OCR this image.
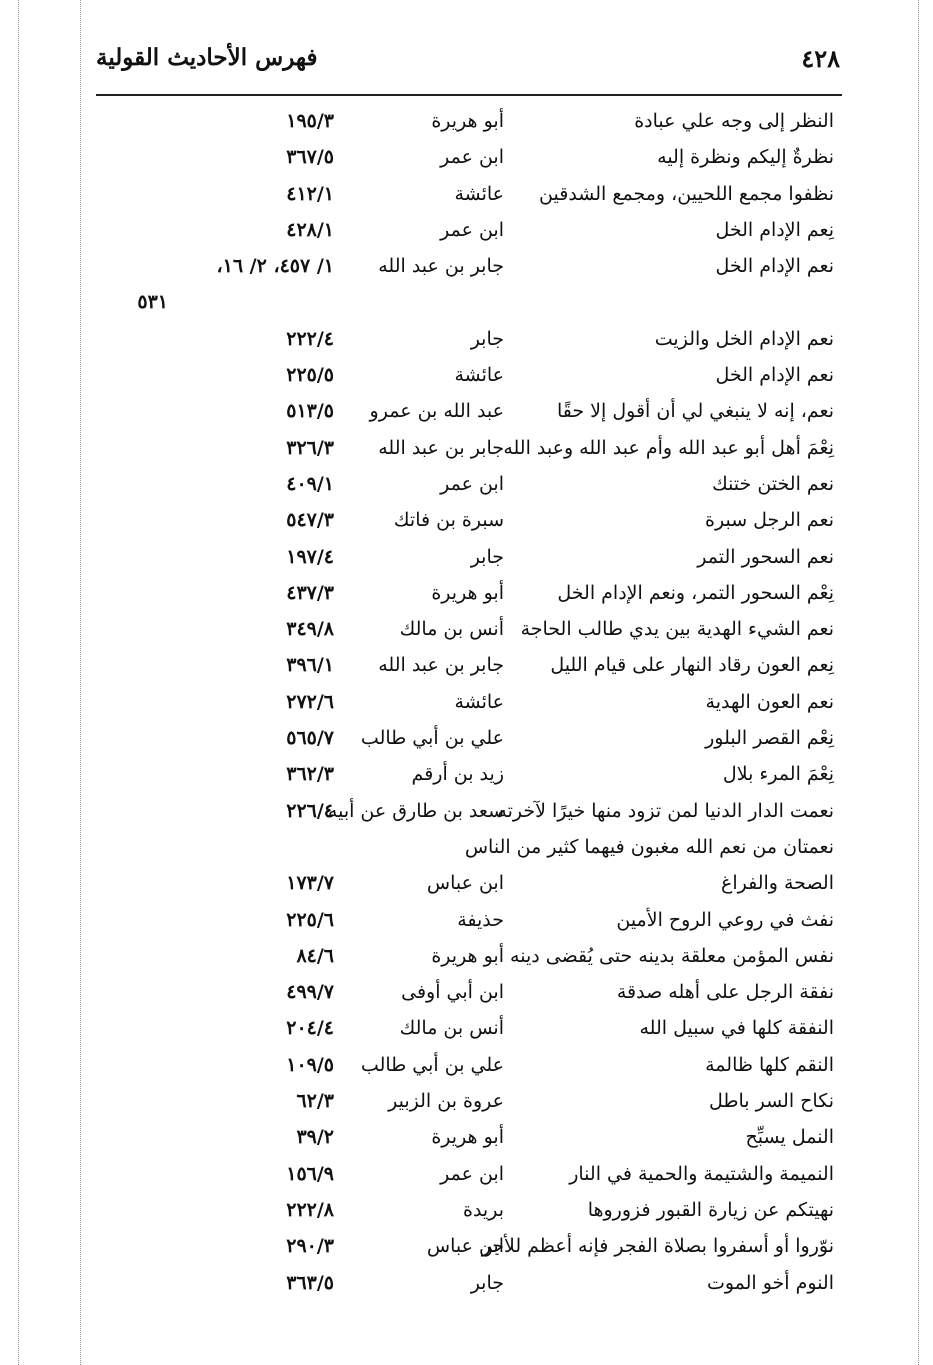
٤٢٨
فهرس الأحاديث القولية
النظر إلى وجه علي عبادة
أبو هريرة
١٩٥/٣
نظرةٌ إليكم ونظرة إليه
ابن عمر
٣٦٧/٥
نظفوا مجمع اللحيين، ومجمع الشدقين
عائشة
٤١٢/١
نِعم الإدام الخل
ابن عمر
٤٢٨/١
نعم الإدام الخل
جابر بن عبد الله
١/ ٤٥٧، ٢/ ١٦،
٥٣١
نعم الإدام الخل والزيت
جابر
٢٢٢/٤
نعم الإدام الخل
عائشة
٢٢٥/٥
نعم، إنه لا ينبغي لي أن أقول إلا حقًا
عبد الله بن عمرو
٥١٣/٥
نِعْمَ أهل أبو عبد الله وأم عبد الله وعبد الله
جابر بن عبد الله
٣٢٦/٣
نعم الختن ختنك
ابن عمر
٤٠٩/١
نعم الرجل سبرة
سبرة بن فاتك
٥٤٧/٣
نعم السحور التمر
جابر
١٩٧/٤
نِعْم السحور التمر، ونعم الإدام الخل
أبو هريرة
٤٣٧/٣
نعم الشيء الهدية بين يدي طالب الحاجة
أنس بن مالك
٣٤٩/٨
نِعم العون رقاد النهار على قيام الليل
جابر بن عبد الله
٣٩٦/١
نعم العون الهدية
عائشة
٢٧٢/٦
نِعْم القصر البلور
علي بن أبي طالب
٥٦٥/٧
نِعْمَ المرء بلال
زيد بن أرقم
٣٦٢/٣
نعمت الدار الدنيا لمن تزود منها خيرًا لآخرته
سعد بن طارق عن أبيه
٢٢٦/٤
نعمتان من نعم الله مغبون فيهما كثير من الناس
الصحة والفراغ
ابن عباس
١٧٣/٧
نفث في روعي الروح الأمين
حذيفة
٢٢٥/٦
نفس المؤمن معلقة بدينه حتى يُقضى دينه
أبو هريرة
٨٤/٦
نفقة الرجل على أهله صدقة
ابن أبي أوفى
٤٩٩/٧
النفقة كلها في سبيل الله
أنس بن مالك
٢٠٤/٤
النقم كلها ظالمة
علي بن أبي طالب
١٠٩/٥
نكاح السر باطل
عروة بن الزبير
٦٢/٣
النمل يسبِّح
أبو هريرة
٣٩/٢
النميمة والشتيمة والحمية في النار
ابن عمر
١٥٦/٩
نهيتكم عن زيارة القبور فزوروها
بريدة
٢٢٢/٨
نوّروا أو أسفروا بصلاة الفجر فإنه أعظم للأجر
ابن عباس
٢٩٠/٣
النوم أخو الموت
جابر
٣٦٣/٥
